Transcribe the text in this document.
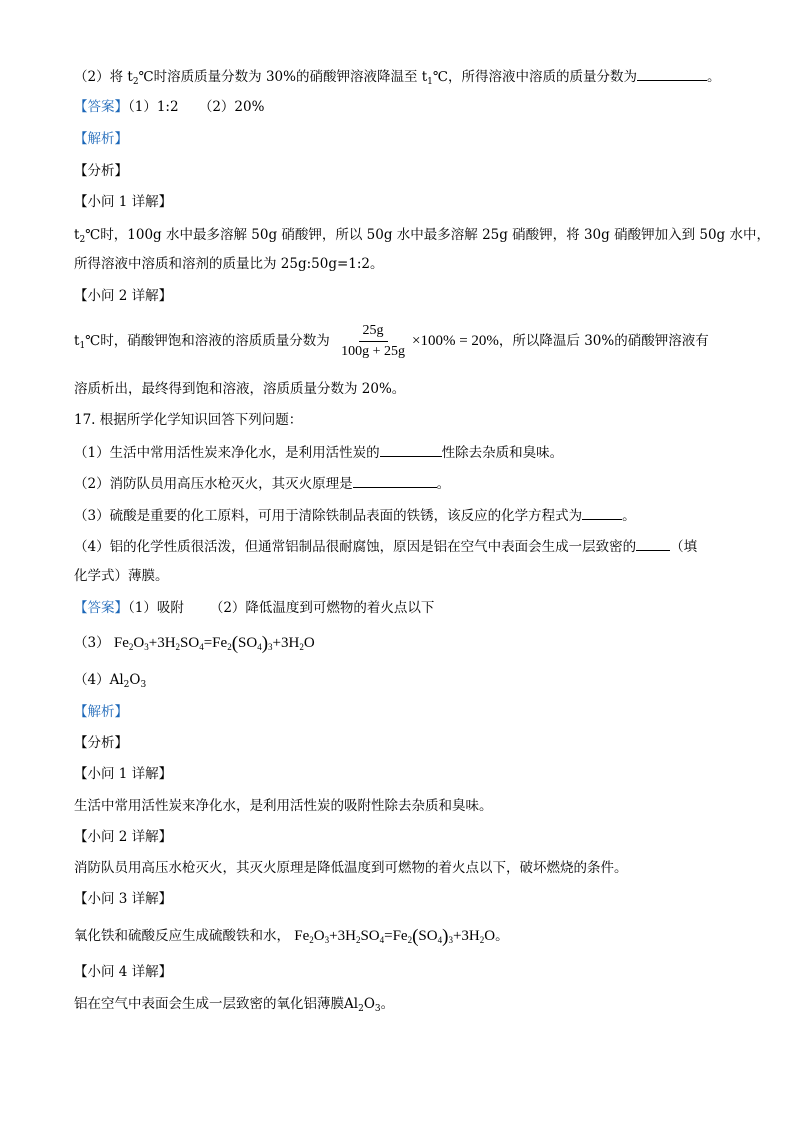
（2）将 $t_2℃$时溶质质量分数为 30%的硝酸钾溶液降温至 $t_1℃$，所得溶液中溶质的质量分数为	。
【答案】（1）1:2　　（2）20%
【解析】
【分析】
【小问 1 详解】
$t_2℃$时，100g 水中最多溶解 50g 硝酸钾，所以 50g 水中最多溶解 25g 硝酸钾，将 30g 硝酸钾加入到 50g 水中，
所得溶液中溶质和溶剂的质量比为 25g:50g=1:2。
【小问 2 详解】
$t_1℃$时，硝酸钾饱和溶液的溶质质量分数为 $\frac{25g}{100g + 25g} \times 100\% = 20\%$，所以降温后 30%的硝酸钾溶液有
溶质析出，最终得到饱和溶液，溶质质量分数为 20%。
17. 根据所学化学知识回答下列问题：
（1）生活中常用活性炭来净化水，是利用活性炭的	性除去杂质和臭味。
（2）消防队员用高压水枪灭火，其灭火原理是	。
（3）硫酸是重要的化工原料，可用于清除铁制品表面的铁锈，该反应的化学方程式为	。
（4）铝的化学性质很活泼，但通常铝制品很耐腐蚀，原因是铝在空气中表面会生成一层致密的	（填
化学式）薄膜。
【答案】（1）吸附 （2）降低温度到可燃物的着火点以下
（3） $Fe_2O_3+3H_2SO_4=Fe_2(SO_4)_3+3H_2O$
$(4)Al_2O_3$
【解析】
【分析】
【小问 1 详解】
生活中常用活性炭来净化水，是利用活性炭的吸附性除去杂质和臭味。
【小问 2 详解】
消防队员用高压水枪灭火，其灭火原理是降低温度到可燃物的着火点以下，破坏燃烧的条件。
【小问 3 详解】
氧化铁和硫酸反应生成硫酸铁和水， $Fe_2O_3+3H_2SO_4=Fe_2(SO_4)_3+3H_2O$。
【小问 4 详解】
铝在空气中表面会生成一层致密的氧化铝薄膜$Al_2O_3$。
